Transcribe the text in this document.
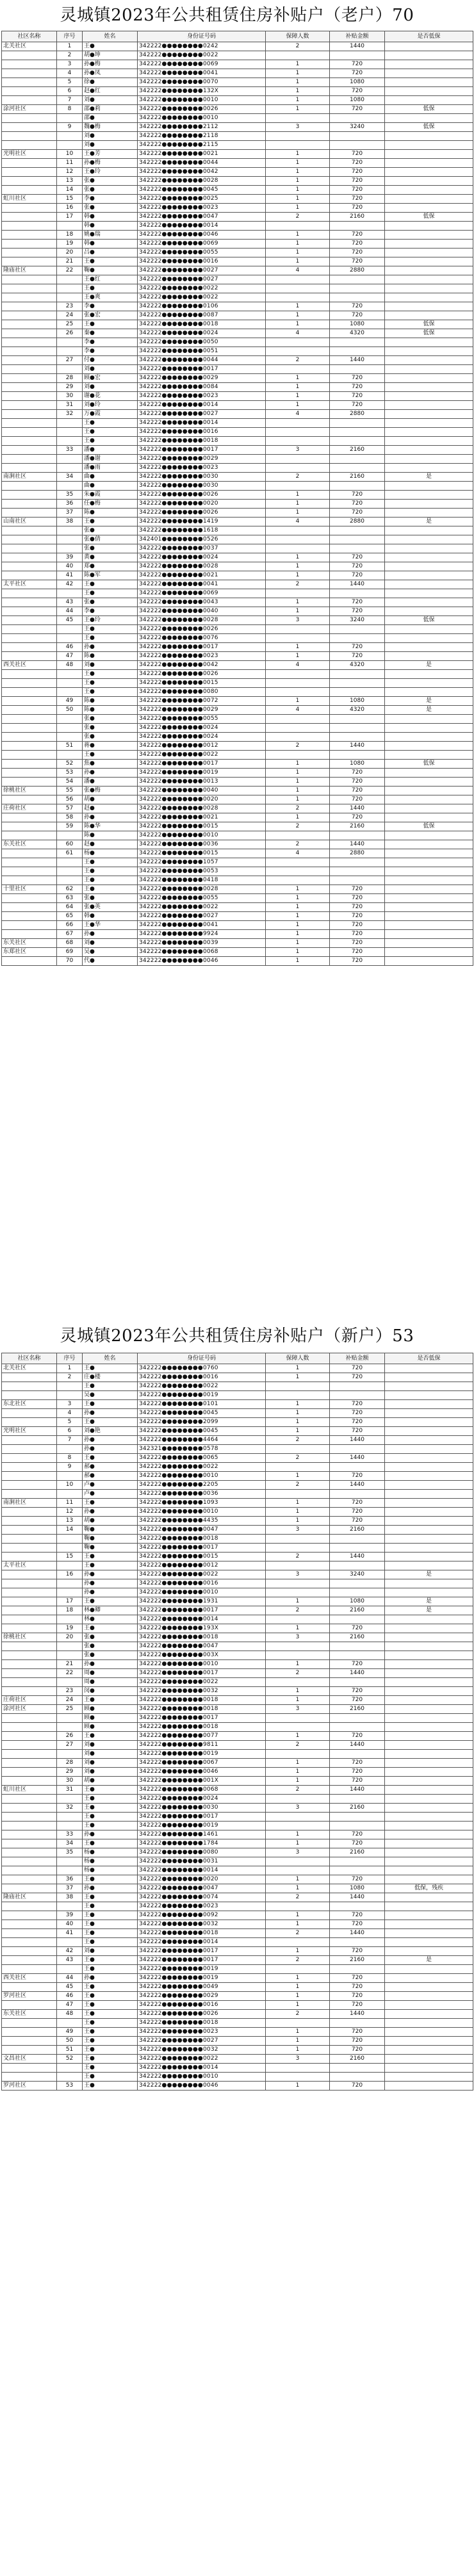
灵城镇2023年公共租赁住房补贴户（老户）70
社区名称	序号	姓名	身份证号码	保障人数	补贴金额	是否低保
北关社区	1	王●	342222●●●●●●●●0242	2	1440	
	2	胡●坤	342222●●●●●●●●0022			
	3	孙●梅	342222●●●●●●●●0069	1	720	
	4	孙●凤	342222●●●●●●●●0041	1	720	
	5	徐●	342222●●●●●●●●0070	1	1080	
	6	赵●红	342222●●●●●●●●132X	1	720	
	7	刘●	342222●●●●●●●●0010	1	1080	
涂河社区	8	邵●莉	342222●●●●●●●●0026	1	720	低保
		邵●	342222●●●●●●●●0010			
	9	魏●梅	342222●●●●●●●●2112	3	3240	低保
		刘●	342222●●●●●●●●2118			
		刘●	342222●●●●●●●●2115			
光明社区	10	王●芳	342222●●●●●●●●0021	1	720	
	11	孙●梅	342222●●●●●●●●0044	1	720	
	12	王●玲	342222●●●●●●●●0042	1	720	
	13	张●	342222●●●●●●●●0028	1	720	
	14	张●	342222●●●●●●●●0045	1	720	
虹川社区	15	李●	342222●●●●●●●●0025	1	720	
	16	张●	342222●●●●●●●●0023	1	720	
	17	韩●	342222●●●●●●●●0047	2	2160	低保
		韩●	342222●●●●●●●●0014			
	18	姚●瑞	342222●●●●●●●●0046	1	720	
	19	韩●	342222●●●●●●●●0069	1	720	
	20	吕●	342222●●●●●●●●0055	1	720	
	21	王●	342222●●●●●●●●0016	1	720	
隆庙社区	22	鞠●	342222●●●●●●●●0027	4	2880	
		王●红	342222●●●●●●●●0027			
		王●	342222●●●●●●●●0022			
		王●爽	342222●●●●●●●●0022			
	23	李●	342222●●●●●●●●0106	1	720	
	24	张●宏	342222●●●●●●●●0087	1	720	
	25	王●	342222●●●●●●●●0018	1	1080	低保
	26	秦●	342222●●●●●●●●0024	4	4320	低保
		李●	342222●●●●●●●●0050			
		李●	342222●●●●●●●●0051			
	27	付●	342222●●●●●●●●0044	2	1440	
		刘●	342222●●●●●●●●0017			
	28	顾●宏	342222●●●●●●●●0029	1	720	
	29	刘●	342222●●●●●●●●0084	1	720	
	30	谢●花	342222●●●●●●●●0023	1	720	
	31	刘●玲	342222●●●●●●●●0014	1	720	
	32	万●霞	342222●●●●●●●●0027	4	2880	
		王●	342222●●●●●●●●0014			
		王●	342222●●●●●●●●0016			
		王●	342222●●●●●●●●0018			
	33	潘●	342222●●●●●●●●0017	3	2160	
		潘●谢	342222●●●●●●●●0029			
		潘●雨	342222●●●●●●●●0023			
南涧社区	34	曲●	342222●●●●●●●●0030	2	2160	是
		曲●	342222●●●●●●●●0030			
	35	朱●霞	342222●●●●●●●●0026	1	720	
	36	任●梅	342222●●●●●●●●0020	1	720	
	37	陈●	342222●●●●●●●●0026	1	720	
山南社区	38	王●	342222●●●●●●●●1419	4	2880	是
		张●	342222●●●●●●●●1618			
		张●倩	342401●●●●●●●●0526			
		张●	342222●●●●●●●●0037			
	39	黄●	342222●●●●●●●●0024	1	720	
	40	郑●	342222●●●●●●●●0028	1	720	
	41	陈●军	342222●●●●●●●●0021	1	720	
太平社区	42	王●	342222●●●●●●●●0041	2	1440	
		王●	342222●●●●●●●●0069			
	43	张●	342222●●●●●●●●0043	1	720	
	44	李●	342222●●●●●●●●0040	1	720	
	45	王●玲	342222●●●●●●●●0028	3	3240	低保
		王●	342222●●●●●●●●0026			
		王●	342222●●●●●●●●0076			
	46	孙●	342222●●●●●●●●0017	1	720	
	47	陈●	342222●●●●●●●●0023	1	720	
西关社区	48	刘●	342222●●●●●●●●0042	4	4320	是
		王●	342222●●●●●●●●0026			
		王●	342222●●●●●●●●0015			
		王●	342222●●●●●●●●0080			
	49	陈●	342222●●●●●●●●0072	1	1080	是
	50	陈●	342222●●●●●●●●0029	4	4320	是
		张●	342222●●●●●●●●0055			
		张●	342222●●●●●●●●0024			
		张●	342222●●●●●●●●0024			
	51	蒋●	342222●●●●●●●●0012	2	1440	
		王●	342222●●●●●●●●0022			
	52	焦●	342222●●●●●●●●0017	1	1080	低保
	53	孙●	342222●●●●●●●●0019	1	720	
	54	潘●	342222●●●●●●●●0013	1	720	
徐桃社区	55	张●梅	342222●●●●●●●●0040	1	720	
	56	胡●	342222●●●●●●●●0020	1	720	
庄荷社区	57	赵●	342222●●●●●●●●0028	2	1440	
	58	孙●	342222●●●●●●●●0021	1	720	
	59	陈●华	342222●●●●●●●●0015	2	2160	低保
		陈●	342222●●●●●●●●0010			
东关社区	60	赵●	342222●●●●●●●●0036	2	1440	
	61	杨●	342222●●●●●●●●0015	4	2880	
		王●	342222●●●●●●●●1057			
		王●	342222●●●●●●●●0053			
		王●	342222●●●●●●●●0418			
十里社区	62	王●	342222●●●●●●●●0028	1	720	
	63	张●	342222●●●●●●●●0055	1	720	
	64	张●英	342222●●●●●●●●0022	1	720	
	65	韩●	342222●●●●●●●●0027	1	720	
	66	王●华	342222●●●●●●●●0041	1	720	
	67	孙●	342222●●●●●●●●9924	1	720	
东关社区	68	刘●	342222●●●●●●●●0039	1	720	
东郑社区	69	吴●	342222●●●●●●●●0068	1	720	
	70	代●	342222●●●●●●●●0046	1	720	
灵城镇2023年公共租赁住房补贴户（新户）53
社区名称	序号	姓名	身份证号码	保障人数	补贴金额	是否低保
北关社区	1	王●	342222●●●●●●●●0760	1	720	
	2	庄●楼	342222●●●●●●●●0016	1	720	
		王●	342222●●●●●●●●0022			
		吴●	342222●●●●●●●●0019			
东北社区	3	王●	342222●●●●●●●●0101	1	720	
	4	孙●	342222●●●●●●●●0045	1	720	
	5	王●	342222●●●●●●●●2099	1	720	
光明社区	6	刘●艳	342222●●●●●●●●0045	1	720	
	7	孙●	342222●●●●●●●●4464	2	1440	
		孙●	342321●●●●●●●●0578			
	8	王●	342222●●●●●●●●0065	2	1440	
	9	郝●	342222●●●●●●●●0022			
		郝●	342222●●●●●●●●0010	1	720	
	10	卢●	342222●●●●●●●●2205	2	1440	
		卢●	342222●●●●●●●●0036			
南涧社区	11	王●	342222●●●●●●●●1093	1	720	
	12	孙●	342222●●●●●●●●0010	1	720	
	13	胡●	342222●●●●●●●●4435	1	720	
	14	鞠●	342222●●●●●●●●0047	3	2160	
		鞠●	342222●●●●●●●●0018			
		鞠●	342222●●●●●●●●0017			
	15	王●	342222●●●●●●●●0015	2	1440	
太平社区		王●	342222●●●●●●●●0012			
	16	孙●	342222●●●●●●●●0022	3	3240	是
		孙●	342222●●●●●●●●0016			
		孙●	342222●●●●●●●●0010			
	17	王●	342222●●●●●●●●1931	1	1080	是
	18	林●卿	342222●●●●●●●●0017	2	2160	是
		林●	342222●●●●●●●●0014			
	19	王●	342222●●●●●●●●193X	1	720	
徐桃社区	20	张●	342222●●●●●●●●0018	3	2160	
		张●	342222●●●●●●●●0047			
		张●	342222●●●●●●●●003X			
	21	孙●	342222●●●●●●●●0010	1	720	
	22	周●	342222●●●●●●●●0017	2	1440	
		周●	342222●●●●●●●●0022			
	23	闵●	342222●●●●●●●●0032	1	720	
庄荷社区	24	王●	342222●●●●●●●●0018	1	720	
涂河社区	25	顾●	342222●●●●●●●●0018	3	2160	
		顾●	342222●●●●●●●●0017			
		顾●	342222●●●●●●●●0018			
	26	王●	342222●●●●●●●●0077	1	720	
	27	刘●	342222●●●●●●●●9811	2	1440	
		刘●	342222●●●●●●●●0019			
	28	刘●	342222●●●●●●●●0067	1	720	
	29	刘●	342222●●●●●●●●0046	1	720	
	30	胡●	342222●●●●●●●●001X	1	720	
虹川社区	31	王●	342222●●●●●●●●0068	2	1440	
		王●	342222●●●●●●●●0024			
	32	王●	342222●●●●●●●●0030	3	2160	
		王●	342222●●●●●●●●0017			
		王●	342222●●●●●●●●0019			
	33	孙●	342222●●●●●●●●1461	1	720	
	34	王●	342222●●●●●●●●1784	1	720	
	35	杨●	342222●●●●●●●●0080	3	2160	
		杨●	342222●●●●●●●●0031			
		杨●	342222●●●●●●●●0014			
	36	王●	342222●●●●●●●●0020	1	720	
	37	孙●	342222●●●●●●●●0047	1	1080	低保，残疾
隆庙社区	38	王●	342222●●●●●●●●0074	2	1440	
		王●	342222●●●●●●●●0023			
	39	王●	342222●●●●●●●●0092	1	720	
	40	王●	342222●●●●●●●●0032	1	720	
	41	王●	342222●●●●●●●●0018	2	1440	
		王●	342222●●●●●●●●0014			
	42	刘●	342222●●●●●●●●0017	1	720	
	43	王●	342222●●●●●●●●0017	2	2160	是
		王●	342222●●●●●●●●0019			
西关社区	44	孙●	342222●●●●●●●●0019	1	720	
	45	王●	342222●●●●●●●●0049	1	720	
罗河社区	46	王●	342222●●●●●●●●0029	1	720	
	47	王●	342222●●●●●●●●0016	1	720	
东关社区	48	王●	342222●●●●●●●●0026	2	1440	
		王●	342222●●●●●●●●0018			
	49	王●	342222●●●●●●●●0023	1	720	
	50	王●	342222●●●●●●●●0027	1	720	
	51	王●	342222●●●●●●●●0032	1	720	
文昌社区	52	王●	342222●●●●●●●●0022	3	2160	
		王●	342222●●●●●●●●0014			
		王●	342222●●●●●●●●0010			
罗河社区	53	王●	342222●●●●●●●●0046	1	720	
